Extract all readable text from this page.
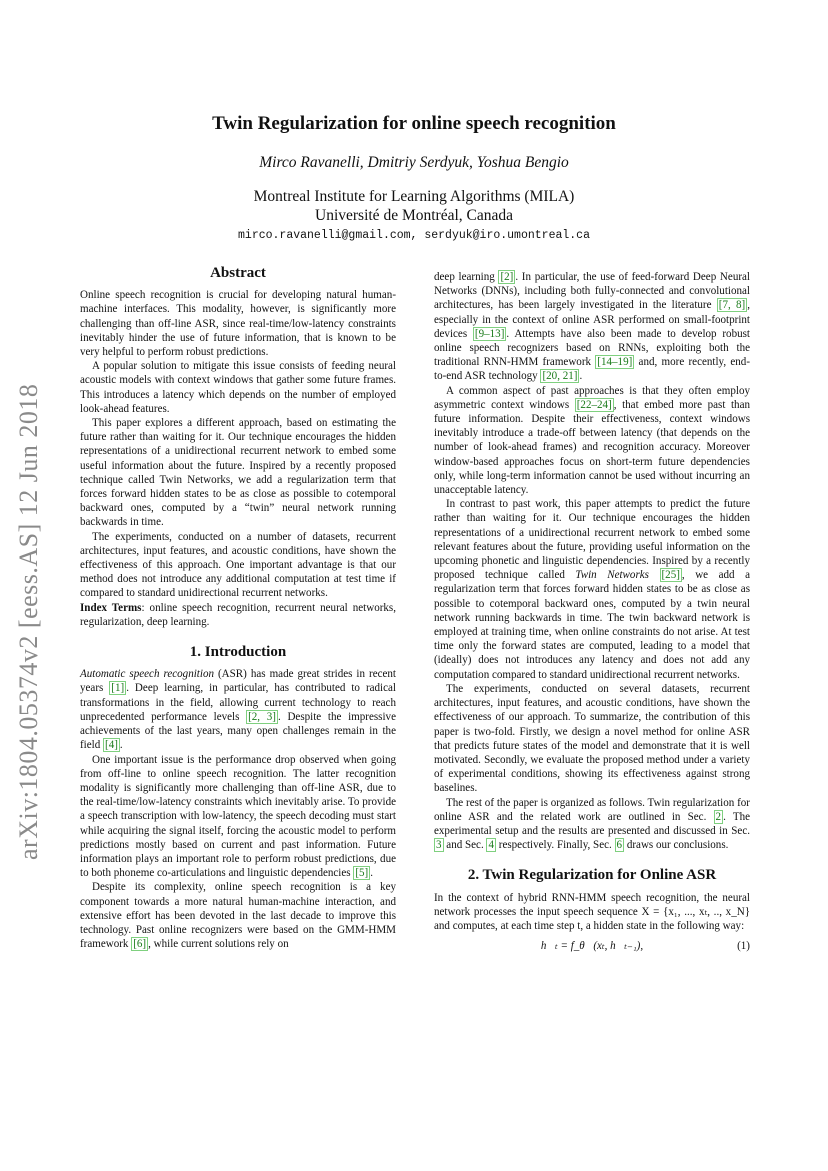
arXiv:1804.05374v2 [eess.AS] 12 Jun 2018
Twin Regularization for online speech recognition
Mirco Ravanelli, Dmitriy Serdyuk, Yoshua Bengio
Montreal Institute for Learning Algorithms (MILA)
Université de Montréal, Canada
mirco.ravanelli@gmail.com, serdyuk@iro.umontreal.ca
Abstract

Online speech recognition is crucial for developing natural human-machine interfaces. This modality, however, is significantly more challenging than off-line ASR, since real-time/low-latency constraints inevitably hinder the use of future information, that is known to be very helpful to perform robust predictions.

A popular solution to mitigate this issue consists of feeding neural acoustic models with context windows that gather some future frames. This introduces a latency which depends on the number of employed look-ahead features.

This paper explores a different approach, based on estimating the future rather than waiting for it. Our technique encourages the hidden representations of a unidirectional recurrent network to embed some useful information about the future. Inspired by a recently proposed technique called Twin Networks, we add a regularization term that forces forward hidden states to be as close as possible to cotemporal backward ones, computed by a “twin” neural network running backwards in time.

The experiments, conducted on a number of datasets, recurrent architectures, input features, and acoustic conditions, have shown the effectiveness of this approach. One important advantage is that our method does not introduce any additional computation at test time if compared to standard unidirectional recurrent networks.

Index Terms: online speech recognition, recurrent neural networks, regularization, deep learning.

1. Introduction

Automatic speech recognition (ASR) has made great strides in recent years [1] . Deep learning, in particular, has contributed to radical transformations in the field, allowing current technology to reach unprecedented performance levels [2, 3] . Despite the impressive achievements of the last years, many open challenges remain in the field [4] .

One important issue is the performance drop observed when going from off-line to online speech recognition. The latter recognition modality is significantly more challenging than off-line ASR, due to the real-time/low-latency constraints which inevitably arise. To provide a speech transcription with low-latency, the speech decoding must start while acquiring the signal itself, forcing the acoustic model to perform predictions mostly based on current and past information. Future information plays an important role to perform robust predictions, due to both phoneme co-articulations and linguistic dependencies [5] .

Despite its complexity, online speech recognition is a key component towards a more natural human-machine interaction, and extensive effort has been devoted in the last decade to improve this technology. Past online recognizers were based on the GMM-HMM framework [6] , while current solutions rely on

deep learning [2] . In particular, the use of feed-forward Deep Neural Networks (DNNs), including both fully-connected and convolutional architectures, has been largely investigated in the literature [7, 8] , especially in the context of online ASR performed on small-footprint devices [9–13] . Attempts have also been made to develop robust online speech recognizers based on RNNs, exploiting both the traditional RNN-HMM framework [14–19] and, more recently, end-to-end ASR technology [20, 21] .

A common aspect of past approaches is that they often employ asymmetric context windows [22–24] , that embed more past than future information. Despite their effectiveness, context windows inevitably introduce a trade-off between latency (that depends on the number of look-ahead frames) and recognition accuracy. Moreover window-based approaches focus on short-term future dependencies only, while long-term information cannot be used without incurring an unacceptable latency.

In contrast to past work, this paper attempts to predict the future rather than waiting for it. Our technique encourages the hidden representations of a unidirectional recurrent network to embed some relevant features about the future, providing useful information on the upcoming phonetic and linguistic dependencies. Inspired by a recently proposed technique called Twin Networks [25] , we add a regularization term that forces forward hidden states to be as close as possible to cotemporal backward ones, computed by a twin neural network running backwards in time. The twin backward network is employed at training time, when online constraints do not arise. At test time only the forward states are computed, leading to a model that (ideally) does not introduces any latency and does not add any computation compared to standard unidirectional recurrent networks.

The experiments, conducted on several datasets, recurrent architectures, input features, and acoustic conditions, have shown the effectiveness of our approach. To summarize, the contribution of this paper is two-fold. Firstly, we design a novel method for online ASR that predicts future states of the model and demonstrate that it is well motivated. Secondly, we evaluate the proposed method under a variety of experimental conditions, showing its effectiveness against strong baselines.

The rest of the paper is organized as follows. Twin regularization for online ASR and the related work are outlined in Sec. 2 . The experimental setup and the results are presented and discussed in Sec. 3 and Sec. 4 respectively. Finally, Sec. 6 draws our conclusions.

2. Twin Regularization for Online ASR

In the context of hybrid RNN-HMM speech recognition, the neural network processes the input speech sequence X = {x₁, ..., xₜ, .., x_N} and computes, at each time step t, a hidden state in the following way:

h⃗ₜ = f_θ⃗(xₜ, h⃗ₜ₋₁),	(1)
